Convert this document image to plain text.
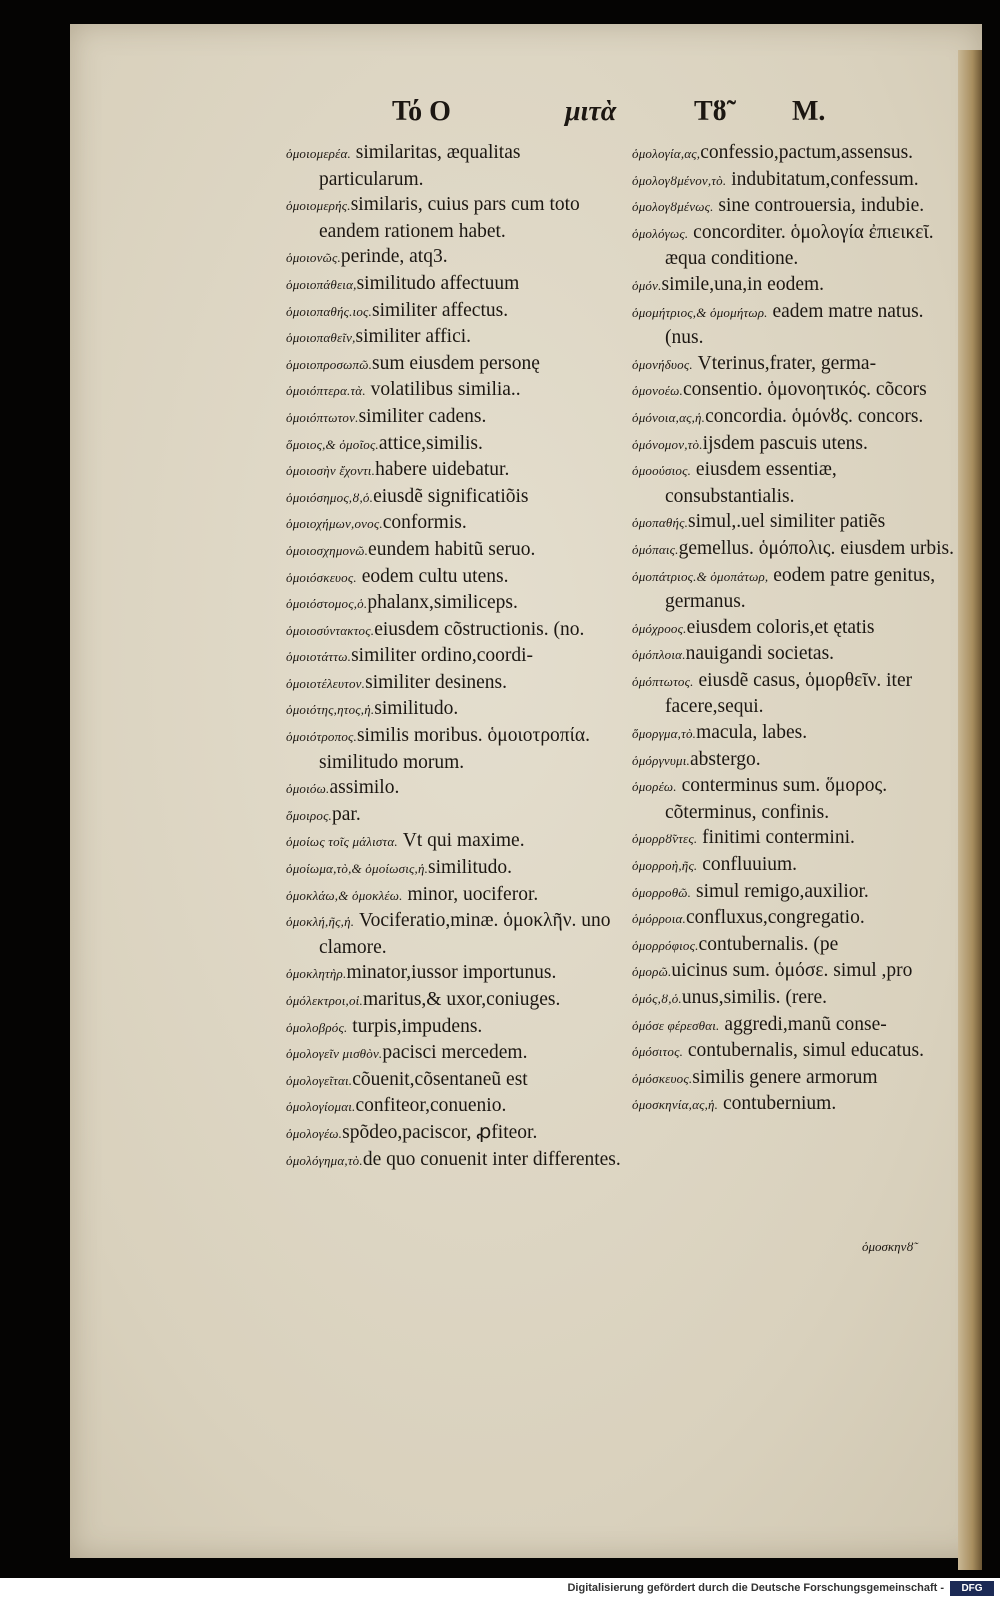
Τό Ο	μιτὰ	Τȣ̃ Μ.

ὁμοιομερέα. similaritas, æqualitas particularum.

ὁμοιομερής.similaris, cuius pars cum toto eandem rationem habet.

ὁμοιονῶς.perinde, atq3.

ὁμοιοπάθεια,similitudo affectuum

ὁμοιοπαθής.ιος.similiter affectus.

ὁμοιοπαθεῖν,similiter affici.

ὁμοιοπροσωπῶ.sum eiusdem personę

ὁμοιόπτερα.τὰ. volatilibus similia..

ὁμοιόπτωτον.similiter cadens.

ὅμοιος,& ὁμοῖος.attice,similis.

ὁμοιοσὴν ἔχοντι.habere uidebatur.

ὁμοιόσημος,ȣ,ὁ.eiusdẽ significatiõis

ὁμοιοχήμων,ονος.conformis.

ὁμοιοσχημονῶ.eundem habitũ seruo.

ὁμοιόσκευος. eodem cultu utens.

ὁμοιόστομος,ὁ.phalanx,similiceps.

ὁμοιοσύντακτος.eiusdem cõstructionis. (no.

ὁμοιοτάττω.similiter ordino,coordi-

ὁμοιοτέλευτον.similiter desinens.

ὁμοιότης,ητος,ἡ.similitudo.

ὁμοιότροπος.similis moribus. ὁμοιοτροπία. similitudo morum.

ὁμοιόω.assimilo.

ὅμοιρος.par.

ὁμοίως τοῖς μάλιστα. Vt qui maxime.

ὁμοίωμα,τὸ,& ὁμοίωσις,ἡ.similitudo.

ὁμοκλάω,& ὁμοκλέω. minor, uociferor.

ὁμοκλή,ῆς,ἡ. Vociferatio,minæ. ὁμοκλῆν. uno clamore.

ὁμοκλητὴρ.minator,iussor importunus.

ὁμόλεκτροι,οἱ.maritus,& uxor,coniuges.

ὁμολοβρός. turpis,impudens.

ὁμολογεῖν μισθὸν.pacisci mercedem.

ὁμολογεῖται.cõuenit,cõsentaneũ est

ὁμολογίομαι.confiteor,conuenio.

ὁμολογέω.spõdeo,paciscor, ꝓfiteor.

ὁμολόγημα,τὸ.de quo conuenit inter differentes.

ὁμολογία,ας,confessio,pactum,assensus.

ὁμολογȣμένον,τὸ. indubitatum,confessum.

ὁμολογȣμένως. sine controuersia, indubie.

ὁμολόγως. concorditer. ὁμολογία ἐπιεικεῖ. æqua conditione.

ὁμόν.simile,una,in eodem.

ὁμομήτριος,& ὁμομήτωρ. eadem matre natus. (nus.

ὁμονήδυος. Vterinus,frater, germa-

ὁμονοέω.consentio. ὁμονοητικός. cõcors

ὁμόνοια,ας,ἡ.concordia. ὁμόνȣς. concors.

ὁμόνομον,τὸ.ijsdem pascuis utens.

ὁμοούσιος. eiusdem essentiæ, consubstantialis.

ὁμοπαθής.simul,.uel similiter patiẽs

ὁμόπαις.gemellus. ὁμόπολις. eiusdem urbis.

ὁμοπάτριος.& ὁμοπάτωρ, eodem patre genitus, germanus.

ὁμόχροος.eiusdem coloris,et ętatis

ὁμόπλοια.nauigandi societas.

ὁμόπτωτος. eiusdẽ casus, ὁμορθεῖν. iter facere,sequi.

ὅμοργμα,τὸ.macula, labes.

ὁμόργνυμι.abstergo.

ὁμορέω. conterminus sum. ὅμορος. cõterminus, confinis.

ὁμορρȣ̃ντες. finitimi contermini.

ὁμορροὴ,ῆς. confluuium.

ὁμορροθῶ. simul remigo,auxilior.

ὁμόρροια.confluxus,congregatio.

ὁμορρόφιος.contubernalis. (pe

ὁμορῶ.uicinus sum. ὁμόσε. simul ,pro

ὁμός,ȣ,ὁ.unus,similis. (rere.

ὁμόσε φέρεσθαι. aggredi,manũ conse-

ὁμόσιτος. contubernalis, simul educatus.

ὁμόσκευος.similis genere armorum

ὁμοσκηνία,ας,ἡ. contubernium.

ὁμοσκηνȣ̃
Digitalisierung gefördert durch die Deutsche Forschungsgemeinschaft -	DFG
